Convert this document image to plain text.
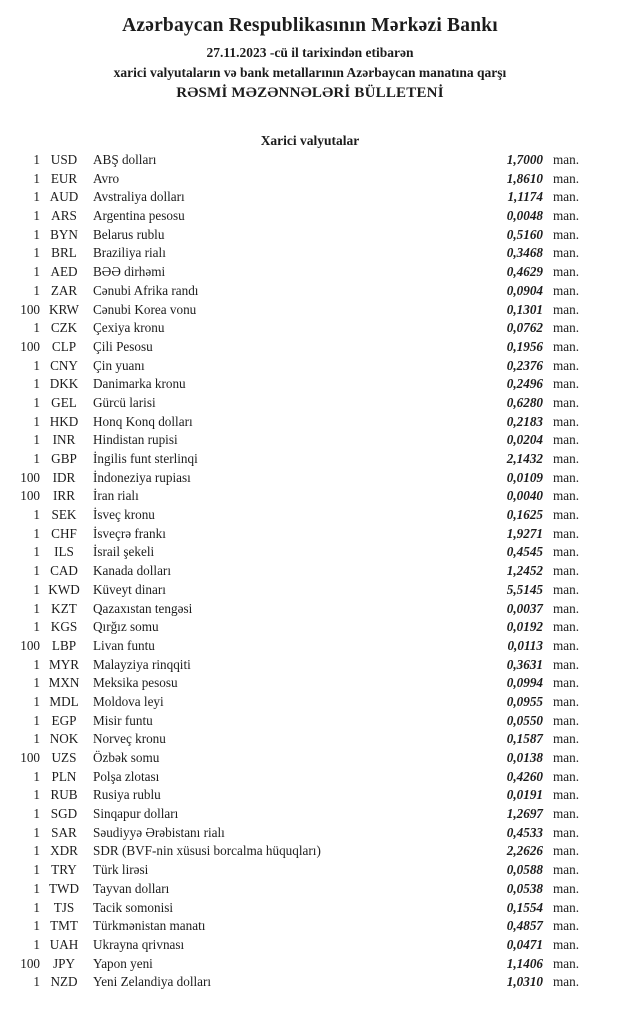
Azərbaycan Respublikasının Mərkəzi Bankı
27.11.2023 -cü il tarixindən etibarən
xarici valyutaların və bank metallarının Azərbaycan manatına qarşı
RƏSMİ MƏZƏNNƏLƏRİ BÜLLETENİ
Xarici valyutalar
1 USD	ABŞ dolları	1,7000 man.
1 EUR	Avro	1,8610 man.
1 AUD	Avstraliya dolları	1,1174 man.
1 ARS	Argentina pesosu	0,0048 man.
1 BYN	Belarus rublu	0,5160 man.
1 BRL	Braziliya rialı	0,3468 man.
1 AED	BƏƏ dirhəmi	0,4629 man.
1 ZAR	Cənubi Afrika randı	0,0904 man.
100 KRW	Cənubi Korea vonu	0,1301 man.
1 CZK	Çexiya kronu	0,0762 man.
100 CLP	Çili Pesosu	0,1956 man.
1 CNY	Çin yuanı	0,2376 man.
1 DKK	Danimarka kronu	0,2496 man.
1 GEL	Gürcü larisi	0,6280 man.
1 HKD	Honq Konq dolları	0,2183 man.
1 INR	Hindistan rupisi	0,0204 man.
1 GBP	İngilis funt sterlinqi	2,1432 man.
100 IDR	İndoneziya rupiası	0,0109 man.
100 IRR	İran rialı	0,0040 man.
1 SEK	İsveç kronu	0,1625 man.
1 CHF	İsveçrə frankı	1,9271 man.
1	ILS	İsrail şekeli	0,4545 man.
1 CAD	Kanada dolları	1,2452 man.
1 KWD	Küveyt dinarı	5,5145 man.
1 KZT	Qazaxıstan tengəsi	0,0037 man.
1 KGS	Qırğız somu	0,0192 man.
100 LBP	Livan funtu	0,0113 man.
1 MYR	Malayziya rinqqiti	0,3631 man.
1 MXN	Meksika pesosu	0,0994 man.
1 MDL	Moldova leyi	0,0955 man.
1 EGP	Misir funtu	0,0550 man.
1 NOK	Norveç kronu	0,1587 man.
100 UZS	Özbək somu	0,0138 man.
1 PLN	Polşa zlotası	0,4260 man.
1 RUB	Rusiya rublu	0,0191 man.
1 SGD	Sinqapur dolları	1,2697 man.
1 SAR	Səudiyyə Ərəbistanı rialı	0,4533 man.
1 XDR	SDR (BVF-nin xüsusi borcalma hüquqları)	2,2626 man.
1 TRY	Türk lirəsi	0,0588 man.
1 TWD	Tayvan dolları	0,0538 man.
1	TJS	Tacik somonisi	0,1554 man.
1 TMT	Türkmənistan manatı	0,4857 man.
1 UAH	Ukrayna qrivnası	0,0471 man.
100 JPY	Yapon yeni	1,1406 man.
1 NZD	Yeni Zelandiya dolları	1,0310 man.
